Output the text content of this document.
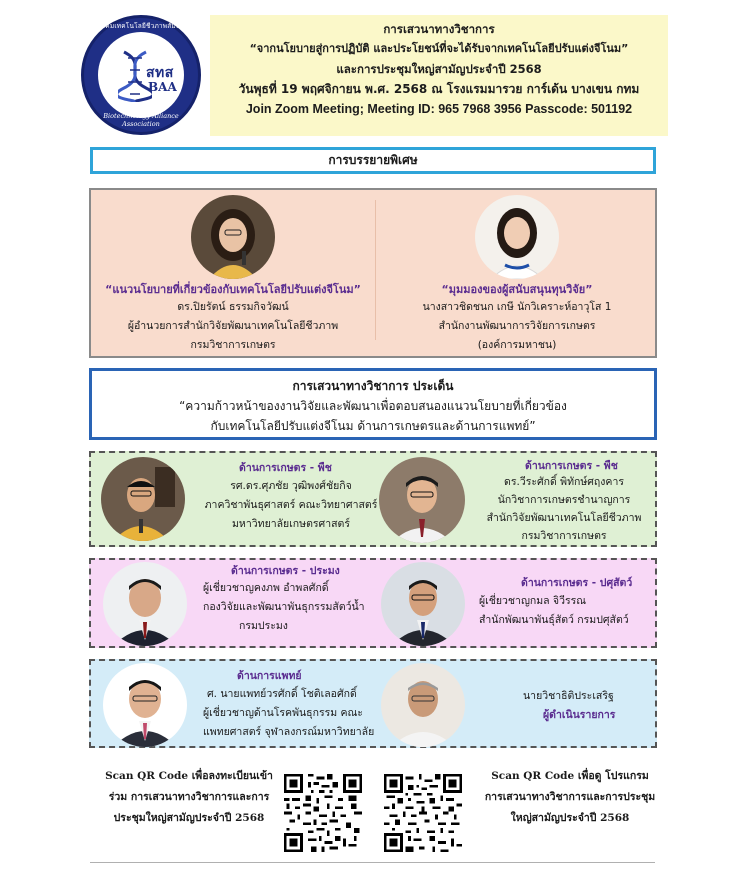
สมาคมเทคโนโลยีชีวภาพสัมพันธ์
สทส
BAA
Biotechnology Alliance Association
การเสวนาทางวิชาการ
“จากนโยบายสู่การปฏิบัติ และประโยชน์ที่จะได้รับจากเทคโนโลยีปรับแต่งจีโนม”
และการประชุมใหญ่สามัญประจำปี 2568
วันพุธที่ 19 พฤศจิกายน พ.ศ. 2568 ณ โรงแรมมารวย การ์เด้น บางเขน กทม
Join Zoom Meeting; Meeting ID: 965 7968 3956 Passcode: 501192
การบรรยายพิเศษ
“แนวนโยบายที่เกี่ยวข้องกับเทคโนโลยีปรับแต่งจีโนม”
ดร.ปิยรัตน์ ธรรมกิจวัฒน์
ผู้อำนวยการสำนักวิจัยพัฒนาเทคโนโลยีชีวภาพ
กรมวิชาการเกษตร
“มุมมองของผู้สนับสนุนทุนวิจัย”
นางสาวชิดชนก เกษี นักวิเคราะห์อาวุโส 1
สำนักงานพัฒนาการวิจัยการเกษตร
(องค์การมหาชน)
การเสวนาทางวิชาการ ประเด็น
“ความก้าวหน้าของงานวิจัยและพัฒนาเพื่อตอบสนองแนวนโยบายที่เกี่ยวข้อง
กับเทคโนโลยีปรับแต่งจีโนม ด้านการเกษตรและด้านการแพทย์”
ด้านการเกษตร - พืช
รศ.ดร.ศุภชัย วุฒิพงศ์ชัยกิจ
ภาควิชาพันธุศาสตร์ คณะวิทยาศาสตร์
มหาวิทยาลัยเกษตรศาสตร์
ด้านการเกษตร - พืช
ดร.วีระศักดิ์ พิทักษ์ศฤงคาร
นักวิชาการเกษตรชำนาญการ
สำนักวิจัยพัฒนาเทคโนโลยีชีวภาพ
กรมวิชาการเกษตร
ด้านการเกษตร - ประมง
ผู้เชี่ยวชาญคงภพ อำพลศักดิ์
กองวิจัยและพัฒนาพันธุกรรมสัตว์น้ำ
กรมประมง
ด้านการเกษตร - ปศุสัตว์
ผู้เชี่ยวชาญกมล จิวีรรณ
สำนักพัฒนาพันธุ์สัตว์ กรมปศุสัตว์
ด้านการแพทย์
ศ. นายแพทย์วรศักดิ์ โชติเลอศักดิ์
ผู้เชี่ยวชาญด้านโรคพันธุกรรม คณะ
แพทยศาสตร์ จุฬาลงกรณ์มหาวิทยาลัย
นายวิชาธิติประเสริฐ
ผู้ดำเนินรายการ
Scan QR Code เพื่อลงทะเบียนเข้า
ร่วม การเสวนาทางวิชาการและการ
ประชุมใหญ่สามัญประจำปี 2568
Scan QR Code เพื่อดู โปรแกรม
การเสวนาทางวิชาการและการประชุม
ใหญ่สามัญประจำปี 2568
